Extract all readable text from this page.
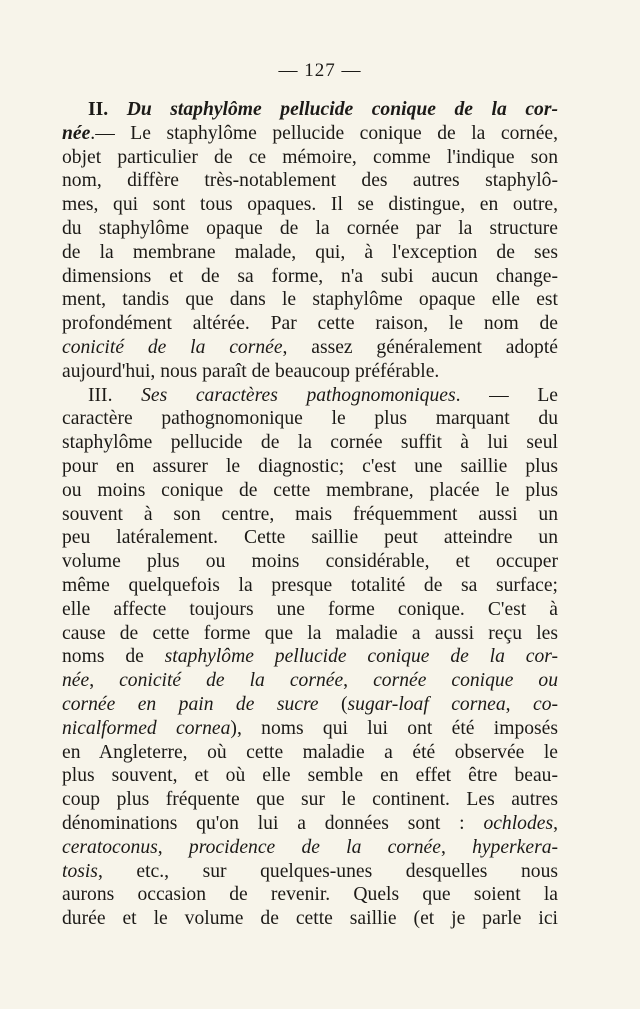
— 127 —
II. Du staphylôme pellucide conique de la cor-
née.— Le staphylôme pellucide conique de la cornée,
objet particulier de ce mémoire, comme l'indique son
nom, diffère très-notablement des autres staphylô-
mes, qui sont tous opaques. Il se distingue, en outre,
du staphylôme opaque de la cornée par la structure
de la membrane malade, qui, à l'exception de ses
dimensions et de sa forme, n'a subi aucun change-
ment, tandis que dans le staphylôme opaque elle est
profondément altérée. Par cette raison, le nom de
conicité de la cornée, assez généralement adopté
aujourd'hui, nous paraît de beaucoup préférable.
III. Ses caractères pathognomoniques. — Le
caractère pathognomonique le plus marquant du
staphylôme pellucide de la cornée suffit à lui seul
pour en assurer le diagnostic; c'est une saillie plus
ou moins conique de cette membrane, placée le plus
souvent à son centre, mais fréquemment aussi un
peu latéralement. Cette saillie peut atteindre un
volume plus ou moins considérable, et occuper
même quelquefois la presque totalité de sa surface;
elle affecte toujours une forme conique. C'est à
cause de cette forme que la maladie a aussi reçu les
noms de staphylôme pellucide conique de la cor-
née, conicité de la cornée, cornée conique ou
cornée en pain de sucre (sugar-loaf cornea, co-
nicalformed cornea), noms qui lui ont été imposés
en Angleterre, où cette maladie a été observée le
plus souvent, et où elle semble en effet être beau-
coup plus fréquente que sur le continent. Les autres
dénominations qu'on lui a données sont : ochlodes,
ceratoconus, procidence de la cornée, hyperkera-
tosis, etc., sur quelques-unes desquelles nous
aurons occasion de revenir. Quels que soient la
durée et le volume de cette saillie (et je parle ici
